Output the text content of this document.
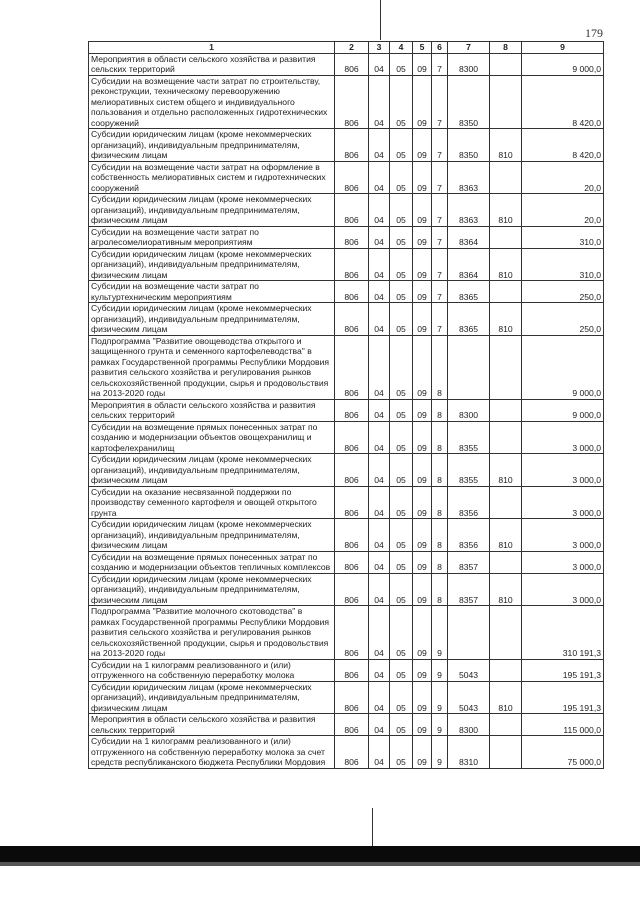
179
1	2	3	4	5	6	7	8	9
Мероприятия в области сельского хозяйства и развития сельских территорий	806	04	05	09	7	8300		9 000,0
Субсидии на возмещение части затрат по строительству, реконструкции, техническому перевооружению мелиоративных систем общего и индивидуального пользования и отдельно расположенных гидротехнических сооружений	806	04	05	09	7	8350		8 420,0
Субсидии юридическим лицам (кроме некоммерческих организаций), индивидуальным предпринимателям, физическим лицам	806	04	05	09	7	8350	810	8 420,0
Субсидии на возмещение части затрат на оформление в собственность мелиоративных систем и гидротехнических сооружений	806	04	05	09	7	8363		20,0
Субсидии юридическим лицам (кроме некоммерческих организаций), индивидуальным предпринимателям, физическим лицам	806	04	05	09	7	8363	810	20,0
Субсидии на возмещение части затрат по агролесомелиоративным мероприятиям	806	04	05	09	7	8364		310,0
Субсидии юридическим лицам (кроме некоммерческих организаций), индивидуальным предпринимателям, физическим лицам	806	04	05	09	7	8364	810	310,0
Субсидии на возмещение части затрат по культуртехническим мероприятиям	806	04	05	09	7	8365		250,0
Субсидии юридическим лицам (кроме некоммерческих организаций), индивидуальным предпринимателям, физическим лицам	806	04	05	09	7	8365	810	250,0
Подпрограмма "Развитие овощеводства открытого и защищенного грунта и семенного картофелеводства" в рамках Государственной программы Республики Мордовия развития сельского хозяйства и регулирования рынков сельскохозяйственной продукции, сырья и продовольствия на 2013-2020 годы	806	04	05	09	8			9 000,0
Мероприятия в области сельского хозяйства и развития сельских территорий	806	04	05	09	8	8300		9 000,0
Субсидии на возмещение прямых понесенных затрат по созданию и модернизации объектов овощехранилищ и картофелехранилищ	806	04	05	09	8	8355		3 000,0
Субсидии юридическим лицам (кроме некоммерческих организаций), индивидуальным предпринимателям, физическим лицам	806	04	05	09	8	8355	810	3 000,0
Субсидии на оказание несвязанной поддержки по производству семенного картофеля и овощей открытого грунта	806	04	05	09	8	8356		3 000,0
Субсидии юридическим лицам (кроме некоммерческих организаций), индивидуальным предпринимателям, физическим лицам	806	04	05	09	8	8356	810	3 000,0
Субсидии на возмещение прямых понесенных затрат по созданию и модернизации объектов тепличных комплексов	806	04	05	09	8	8357		3 000,0
Субсидии юридическим лицам (кроме некоммерческих организаций), индивидуальным предпринимателям, физическим лицам	806	04	05	09	8	8357	810	3 000,0
Подпрограмма "Развитие молочного скотоводства" в рамках Государственной программы Республики Мордовия развития сельского хозяйства и регулирования рынков сельскохозяйственной продукции, сырья и продовольствия на 2013-2020 годы	806	04	05	09	9			310 191,3
Субсидии на 1 килограмм реализованного и (или) отгруженного на собственную переработку молока	806	04	05	09	9	5043		195 191,3
Субсидии юридическим лицам (кроме некоммерческих организаций), индивидуальным предпринимателям, физическим лицам	806	04	05	09	9	5043	810	195 191,3
Мероприятия в области сельского хозяйства и развития сельских территорий	806	04	05	09	9	8300		115 000,0
Субсидии на 1 килограмм реализованного и (или) отгруженного на собственную переработку молока за счет средств республиканского бюджета Республики Мордовия	806	04	05	09	9	8310		75 000,0
